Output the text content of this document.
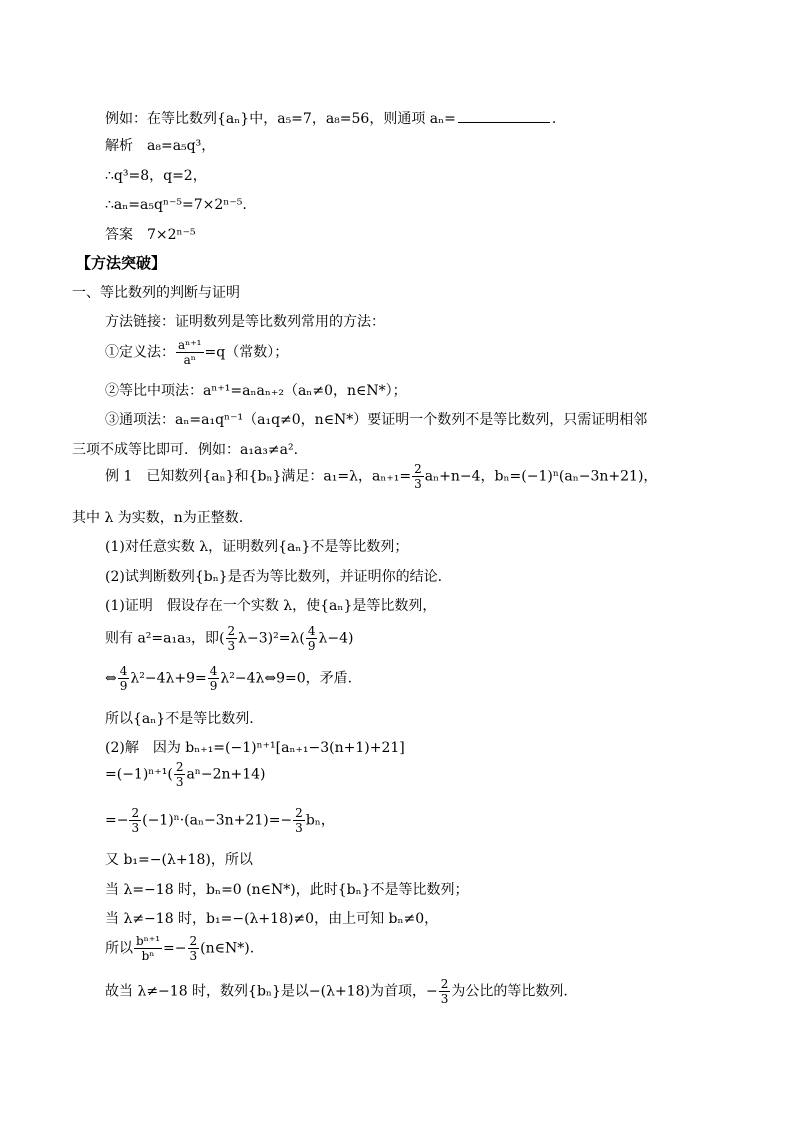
例如：在等比数列{aₙ}中，a₅=7，a₈=56，则通项 aₙ=	.
解析　a₈=a₅q³，
∴q³=8，q=2，
∴aₙ=a₅qⁿ⁻⁵=7×2ⁿ⁻⁵.
答案　7×2ⁿ⁻⁵
【方法突破】
一、等比数列的判断与证明
方法链接：证明数列是等比数列常用的方法：
①定义法： $\frac{\text{aⁿ⁺¹}}{\text{aⁿ}} =q$（常数）；
②等比中项法：aⁿ⁺¹=aₙaₙ₊₂（aₙ≠0，n∈N*）；
③通项法：aₙ=a₁qⁿ⁻¹（a₁q≠0，n∈N*）要证明一个数列不是等比数列，只需证明相邻
三项不成等比即可．例如：a₁a₃≠a².
例 1　已知数列{aₙ}和{bₙ}满足：a₁=λ，$a_{n+1}= \frac{2}{3} a_n+n-4$，bₙ=(−1)ⁿ(aₙ−3n+21)，
其中 λ 为实数，n为正整数.
(1)对任意实数 λ，证明数列{aₙ}不是等比数列；
(2)试判断数列{bₙ}是否为等比数列，并证明你的结论.
(1)证明　假设存在一个实数 λ，使{aₙ}是等比数列，
则有 a²=a₁a₃，即( $\frac{2}{3} \lambda-3)^2=\lambda( \frac{4}{9} \lambda-4)$
⇔ $\frac{4}{9} \lambda^2-4\lambda+9= \frac{4}{9}$ λ²−4λ⇔9=0，矛盾.
所以{aₙ}不是等比数列.
(2)解　因为 bₙ₊₁=(−1)ⁿ⁺¹[aₙ₊₁−3(n+1)+21]
$=(-1)^{n+1}( \frac{2}{3} a^n-2n+14)$
=− $\frac{2}{3} (-1)^n\cdot(a_n-3n+21)=- \frac{2}{3}$ bₙ，
又 b₁=−(λ+18)，所以
当 λ=−18 时，bₙ=0 (n∈N*)，此时{bₙ}不是等比数列；
当 λ≠−18 时，b₁=−(λ+18)≠0，由上可知 bₙ≠0，
所以 $\frac{\text{bⁿ⁺¹}}{\text{bⁿ}} =- \frac{2}{3}$ (n∈N*).
故当 λ≠−18 时，数列{bₙ}是以−(λ+18)为首项，− $\frac{2}{3}$ 为公比的等比数列.
